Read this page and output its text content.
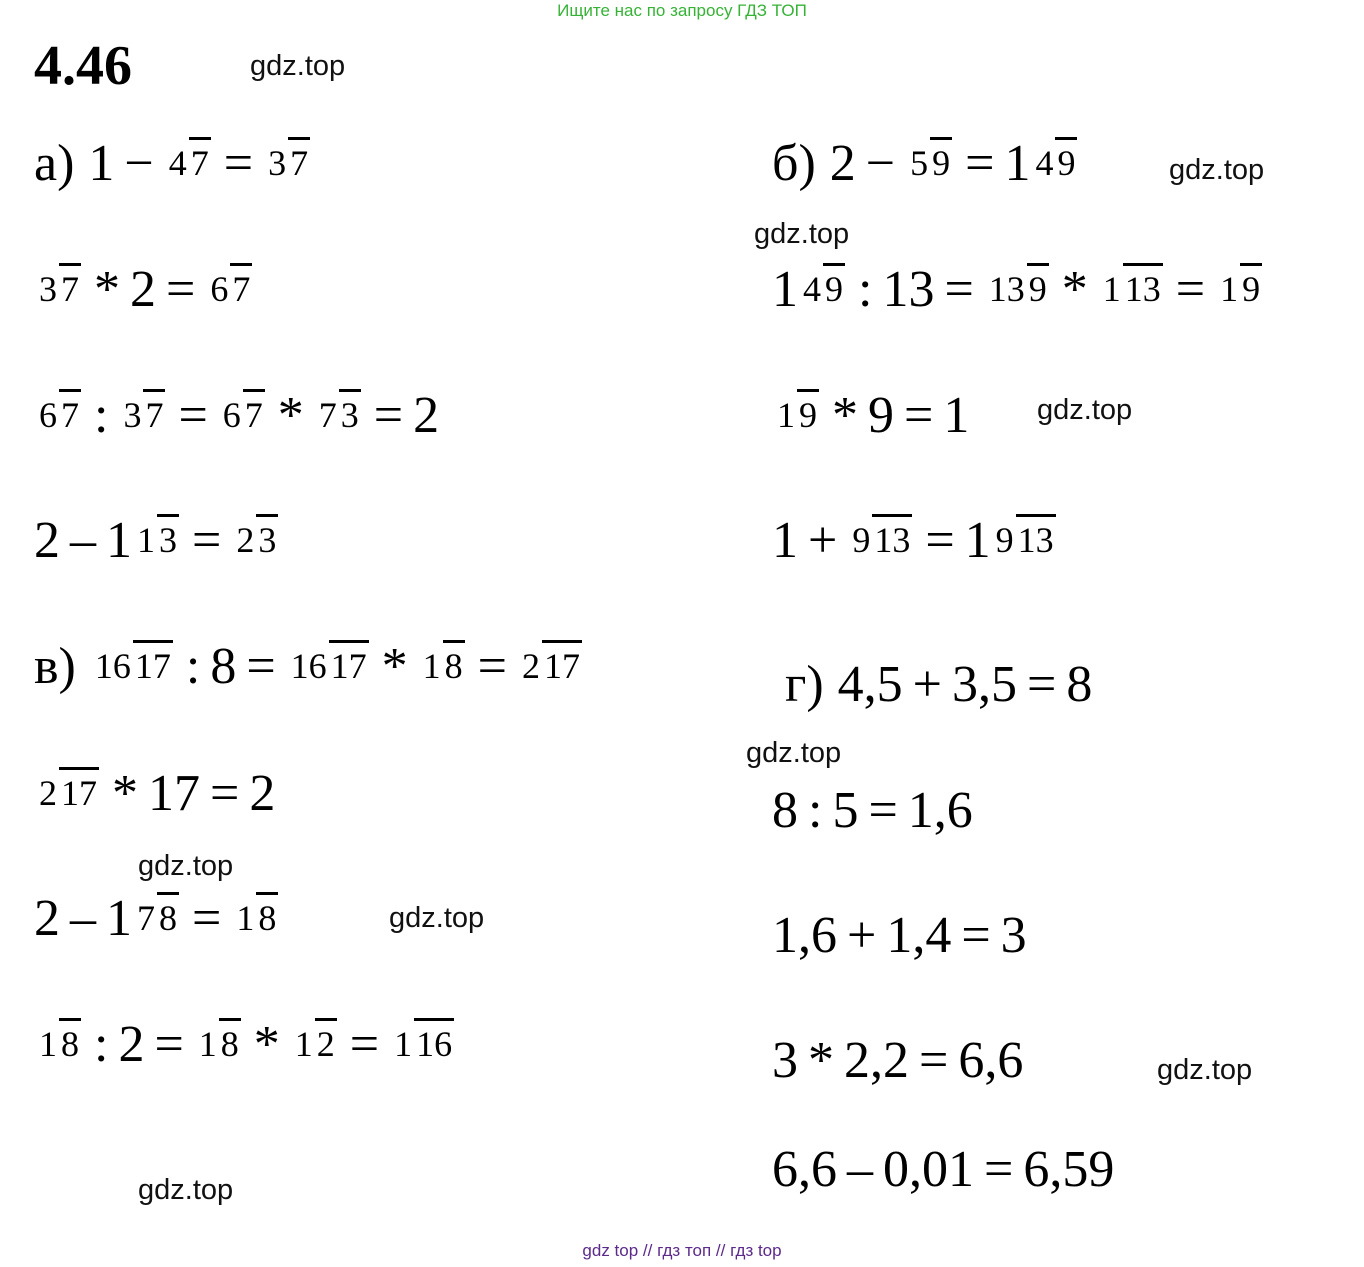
Ищите нас по запросу ГДЗ ТОП
4.46	gdz.top
gdz.top
gdz.top
gdz.top
gdz.top
gdz.top
gdz.top
gdz.top
gdz.top
а) 1 − 4 7 = 3 7
3 7 * 2 = 6 7
6 7 : 3 7 = 6 7 * 7 3 = 2
2 – 1 1 3 = 2 3
в) 16 17 : 8 = 16 17 * 1 8 = 2 17
2 17 * 17 = 2
2 – 1 7 8 = 1 8
1 8 : 2 = 1 8 * 1 2 = 1 16
б) 2 − 5 9 = 1 4 9
1 4 9 : 13 = 13 9 * 1 13 = 1 9
1 9 * 9 = 1
1 + 9 13 = 1 9 13
г) 4,5 + 3,5 = 8
8 : 5 = 1,6
1,6 + 1,4 = 3
3 * 2,2 = 6,6
6,6 – 0,01 = 6,59
gdz top // гдз топ // гдз top
